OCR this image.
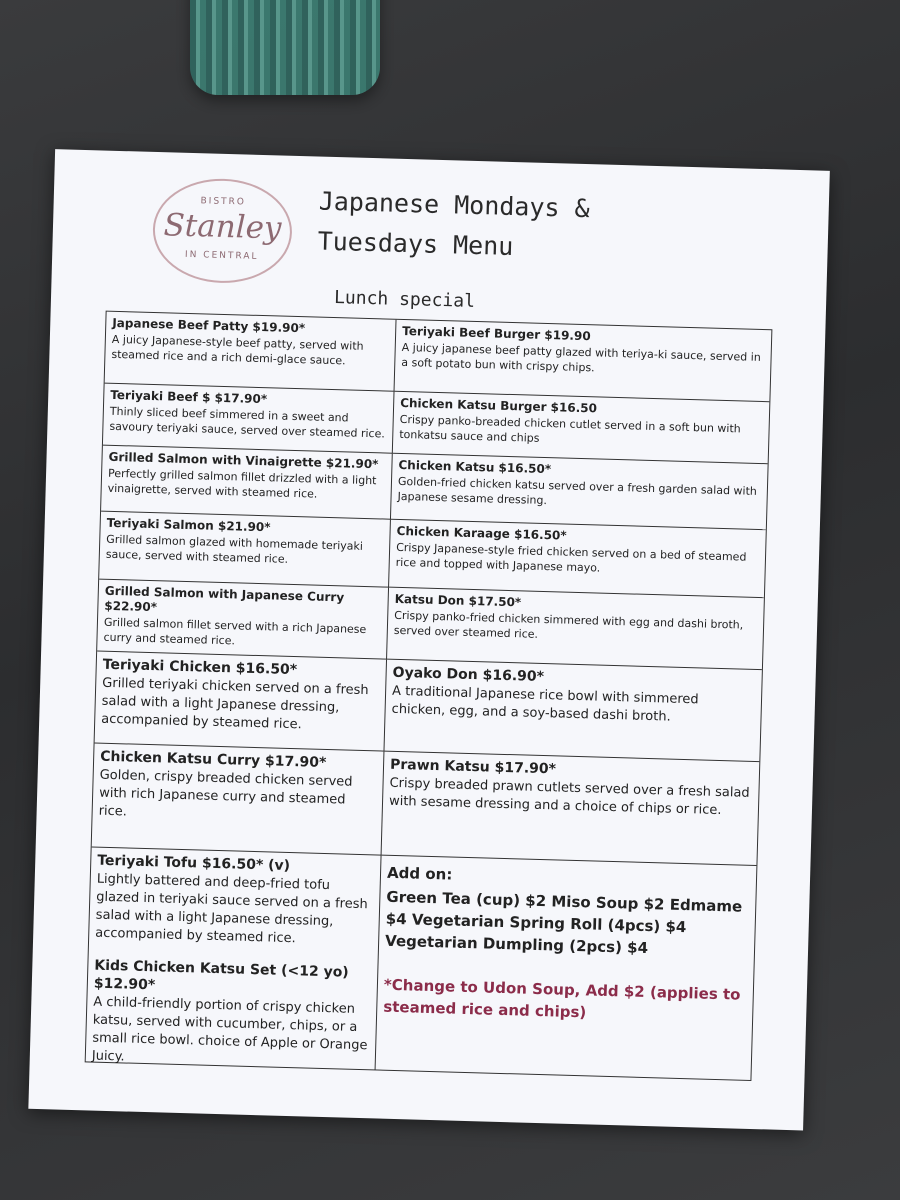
BISTRO
Stanley
IN CENTRAL
Japanese Mondays &
Tuesdays Menu
Lunch special
Japanese Beef Patty $19.90*
A juicy Japanese-style beef patty, served with steamed rice and a rich demi-glace sauce.
Teriyaki Beef Burger $19.90
A juicy japanese beef patty glazed with teriya-ki sauce, served in a soft potato bun with crispy chips.
Teriyaki Beef $ $17.90*
Thinly sliced beef simmered in a sweet and savoury teriyaki sauce, served over steamed rice.
Chicken Katsu Burger $16.50
Crispy panko-breaded chicken cutlet served in a soft bun with tonkatsu sauce and chips
Grilled Salmon with Vinaigrette $21.90*
Perfectly grilled salmon fillet drizzled with a light vinaigrette, served with steamed rice.
Chicken Katsu $16.50*
Golden-fried chicken katsu served over a fresh garden salad with Japanese sesame dressing.
Teriyaki Salmon $21.90*
Grilled salmon glazed with homemade teriyaki sauce, served with steamed rice.
Chicken Karaage $16.50*
Crispy Japanese-style fried chicken served on a bed of steamed rice and topped with Japanese mayo.
Grilled Salmon with Japanese Curry $22.90*
Grilled salmon fillet served with a rich Japanese curry and steamed rice.
Katsu Don $17.50*
Crispy panko-fried chicken simmered with egg and dashi broth, served over steamed rice.
Teriyaki Chicken $16.50*
Grilled teriyaki chicken served on a fresh salad with a light Japanese dressing, accompanied by steamed rice.
Oyako Don $16.90*
A traditional Japanese rice bowl with simmered chicken, egg, and a soy-based dashi broth.
Chicken Katsu Curry $17.90*
Golden, crispy breaded chicken served with rich Japanese curry and steamed rice.
Prawn Katsu $17.90*
Crispy breaded prawn cutlets served over a fresh salad with sesame dressing and a choice of chips or rice.
Teriyaki Tofu $16.50* (v)
Lightly battered and deep-fried tofu glazed in teriyaki sauce served on a fresh salad with a light Japanese dressing, accompanied by steamed rice.
Kids Chicken Katsu Set (<12 yo) $12.90*
A child-friendly portion of crispy chicken katsu, served with cucumber, chips, or a small rice bowl. choice of Apple or Orange Juicy.
Add on:
Green Tea (cup) $2 Miso Soup $2 Edmame $4 Vegetarian Spring Roll (4pcs) $4 Vegetarian Dumpling (2pcs) $4
*Change to Udon Soup, Add $2 (applies to steamed rice and chips)
